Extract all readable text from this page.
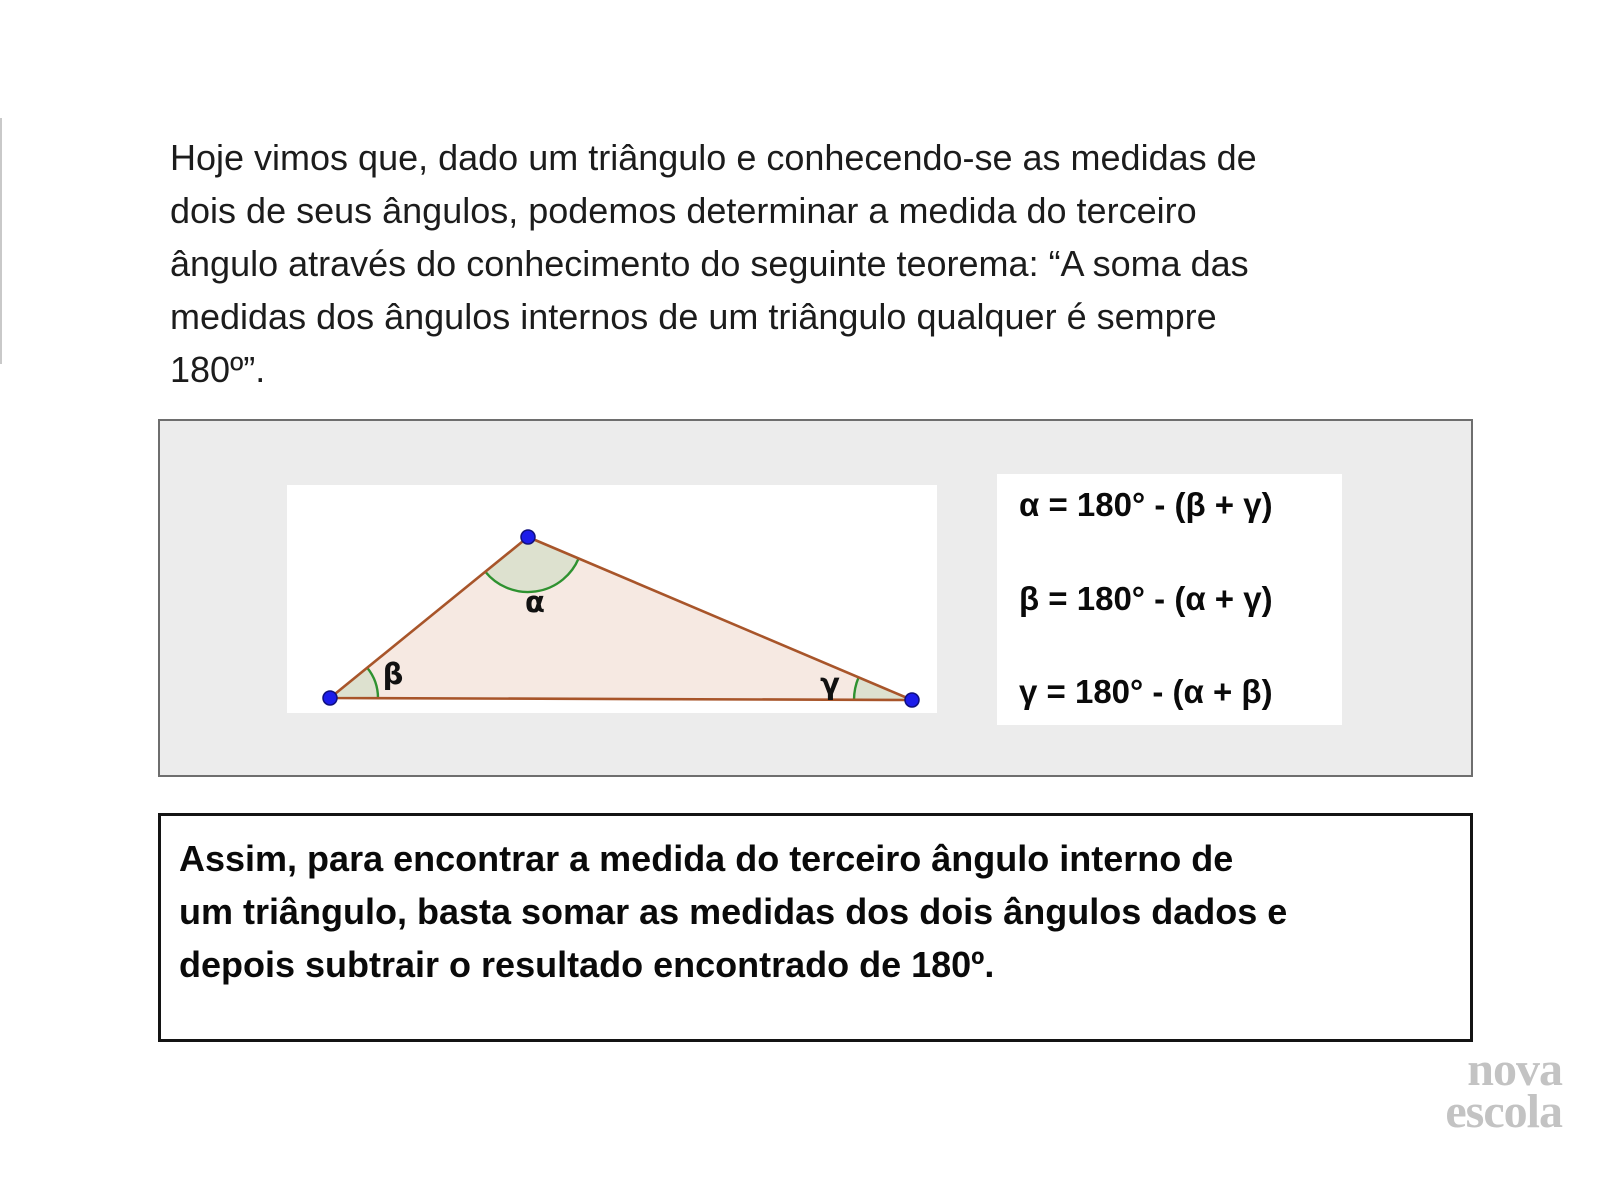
Hoje vimos que, dado um triângulo e conhecendo-se as medidas de
dois de seus ângulos, podemos determinar a medida do terceiro
ângulo através do conhecimento do seguinte teorema: “A soma das
medidas dos ângulos internos de um triângulo qualquer é sempre
180º”.
α
β	γ
α = 180° - (β + γ)
β = 180° - (α + γ)
γ = 180° - (α + β)
Assim, para encontrar a medida do terceiro ângulo interno de
um triângulo, basta somar as medidas dos dois ângulos dados e
depois subtrair o resultado encontrado de 180º.
nova
escola
